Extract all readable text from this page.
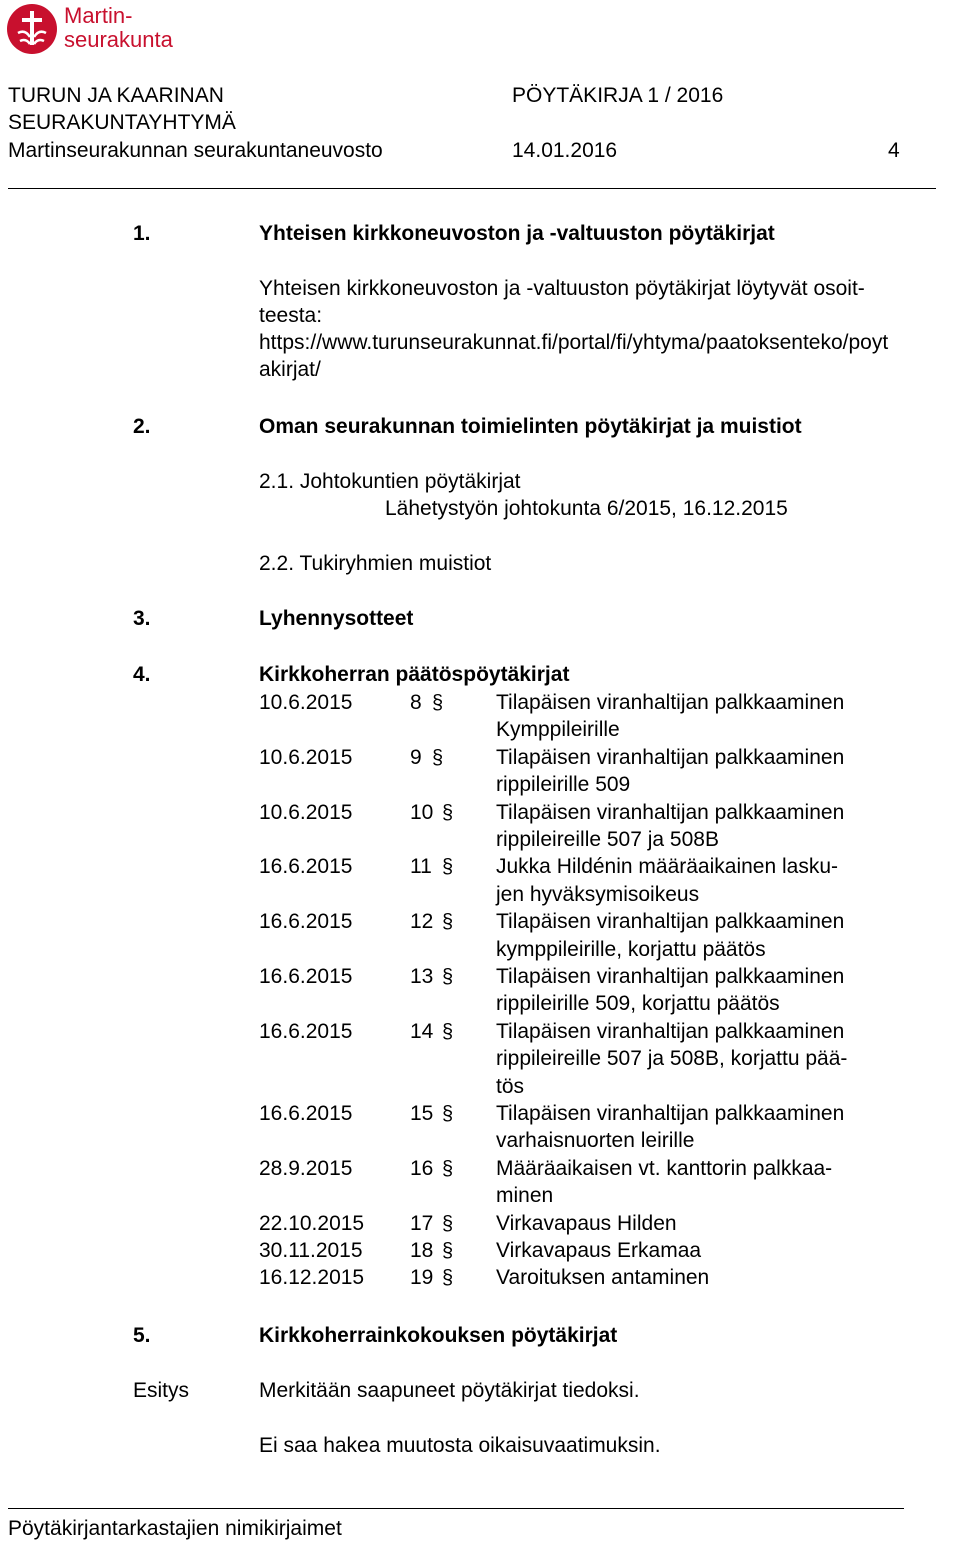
Martin-
seurakunta
TURUN JA KAARINAN	PÖYTÄKIRJA 1 / 2016
SEURAKUNTAYHTYMÄ
Martinseurakunnan seurakuntaneuvosto	14.01.2016	4
1.	Yhteisen kirkkoneuvoston ja -valtuuston pöytäkirjat
Yhteisen kirkkoneuvoston ja -valtuuston pöytäkirjat löytyvät osoit-
teesta:
https://www.turunseurakunnat.fi/portal/fi/yhtyma/paatoksenteko/poyt
akirjat/
2.	Oman seurakunnan toimielinten pöytäkirjat ja muistiot
2.1. Johtokuntien pöytäkirjat
Lähetystyön johtokunta 6/2015, 16.12.2015
2.2. Tukiryhmien muistiot
3.	Lyhennysotteet
4.	Kirkkoherran päätöspöytäkirjat
10.6.2015	8 §	Tilapäisen viranhaltijan palkkaaminen
Kymppileirille
10.6.2015	9 §	Tilapäisen viranhaltijan palkkaaminen
rippileirille 509
10.6.2015	10 § Tilapäisen viranhaltijan palkkaaminen
rippileireille 507 ja 508B
16.6.2015	11 § Jukka Hildénin määräaikainen lasku-
jen hyväksymisoikeus
16.6.2015	12 § Tilapäisen viranhaltijan palkkaaminen
kymppileirille, korjattu päätös
16.6.2015	13 § Tilapäisen viranhaltijan palkkaaminen
rippileirille 509, korjattu päätös
16.6.2015	14 § Tilapäisen viranhaltijan palkkaaminen
rippileireille 507 ja 508B, korjattu pää-
tös
16.6.2015	15 § Tilapäisen viranhaltijan palkkaaminen
varhaisnuorten leirille
28.9.2015	16 § Määräaikaisen vt. kanttorin palkkaa-
minen
22.10.2015 17 § Virkavapaus Hilden
30.11.2015 18 § Virkavapaus Erkamaa
16.12.2015 19 § Varoituksen antaminen
5.	Kirkkoherrainkokouksen pöytäkirjat
Esitys	Merkitään saapuneet pöytäkirjat tiedoksi.
Ei saa hakea muutosta oikaisuvaatimuksin.
Pöytäkirjantarkastajien nimikirjaimet
